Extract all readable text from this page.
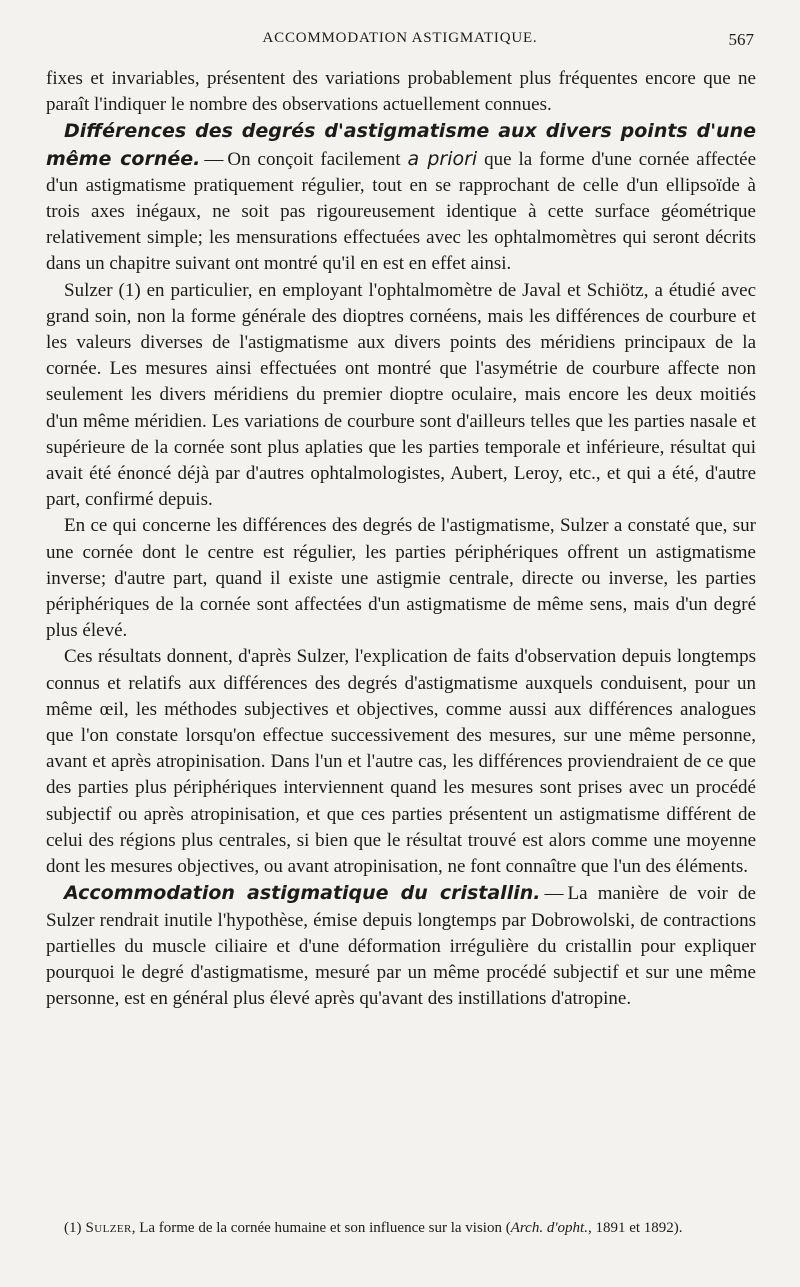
ACCOMMODATION ASTIGMATIQUE.	567

fixes et invariables, présentent des variations probablement plus fréquentes encore que ne paraît l'indiquer le nombre des observations actuellement connues.

Différences des degrés d'astigmatisme aux divers points d'une même cornée. — On conçoit facilement a priori que la forme d'une cornée affectée d'un astigmatisme pratiquement régulier, tout en se rapprochant de celle d'un ellipsoïde à trois axes inégaux, ne soit pas rigoureusement identique à cette surface géométrique relativement simple; les mensurations effectuées avec les ophtalmomètres qui seront décrits dans un chapitre suivant ont montré qu'il en est en effet ainsi.

Sulzer (1) en particulier, en employant l'ophtalmomètre de Javal et Schiötz, a étudié avec grand soin, non la forme générale des dioptres cornéens, mais les différences de courbure et les valeurs diverses de l'astigmatisme aux divers points des méridiens principaux de la cornée. Les mesures ainsi effectuées ont montré que l'asymétrie de courbure affecte non seulement les divers méridiens du premier dioptre oculaire, mais encore les deux moitiés d'un même méridien. Les variations de courbure sont d'ailleurs telles que les parties nasale et supérieure de la cornée sont plus aplaties que les parties temporale et inférieure, résultat qui avait été énoncé déjà par d'autres ophtalmologistes, Aubert, Leroy, etc., et qui a été, d'autre part, confirmé depuis.

En ce qui concerne les différences des degrés de l'astigmatisme, Sulzer a constaté que, sur une cornée dont le centre est régulier, les parties périphériques offrent un astigmatisme inverse; d'autre part, quand il existe une astigmie centrale, directe ou inverse, les parties périphériques de la cornée sont affectées d'un astigmatisme de même sens, mais d'un degré plus élevé.

Ces résultats donnent, d'après Sulzer, l'explication de faits d'observation depuis longtemps connus et relatifs aux différences des degrés d'astigmatisme auxquels conduisent, pour un même œil, les méthodes subjectives et objectives, comme aussi aux différences analogues que l'on constate lorsqu'on effectue successivement des mesures, sur une même personne, avant et après atropinisation. Dans l'un et l'autre cas, les différences proviendraient de ce que des parties plus périphériques interviennent quand les mesures sont prises avec un procédé subjectif ou après atropinisation, et que ces parties présentent un astigmatisme différent de celui des régions plus centrales, si bien que le résultat trouvé est alors comme une moyenne dont les mesures objectives, ou avant atropinisation, ne font connaître que l'un des éléments.

Accommodation astigmatique du cristallin. — La manière de voir de Sulzer rendrait inutile l'hypothèse, émise depuis longtemps par Dobrowolski, de contractions partielles du muscle ciliaire et d'une déformation irrégulière du cristallin pour expliquer pourquoi le degré d'astigmatisme, mesuré par un même procédé subjectif et sur une même personne, est en général plus élevé après qu'avant des instillations d'atropine.

(1) Sulzer, La forme de la cornée humaine et son influence sur la vision (Arch. d'opht., 1891 et 1892).
